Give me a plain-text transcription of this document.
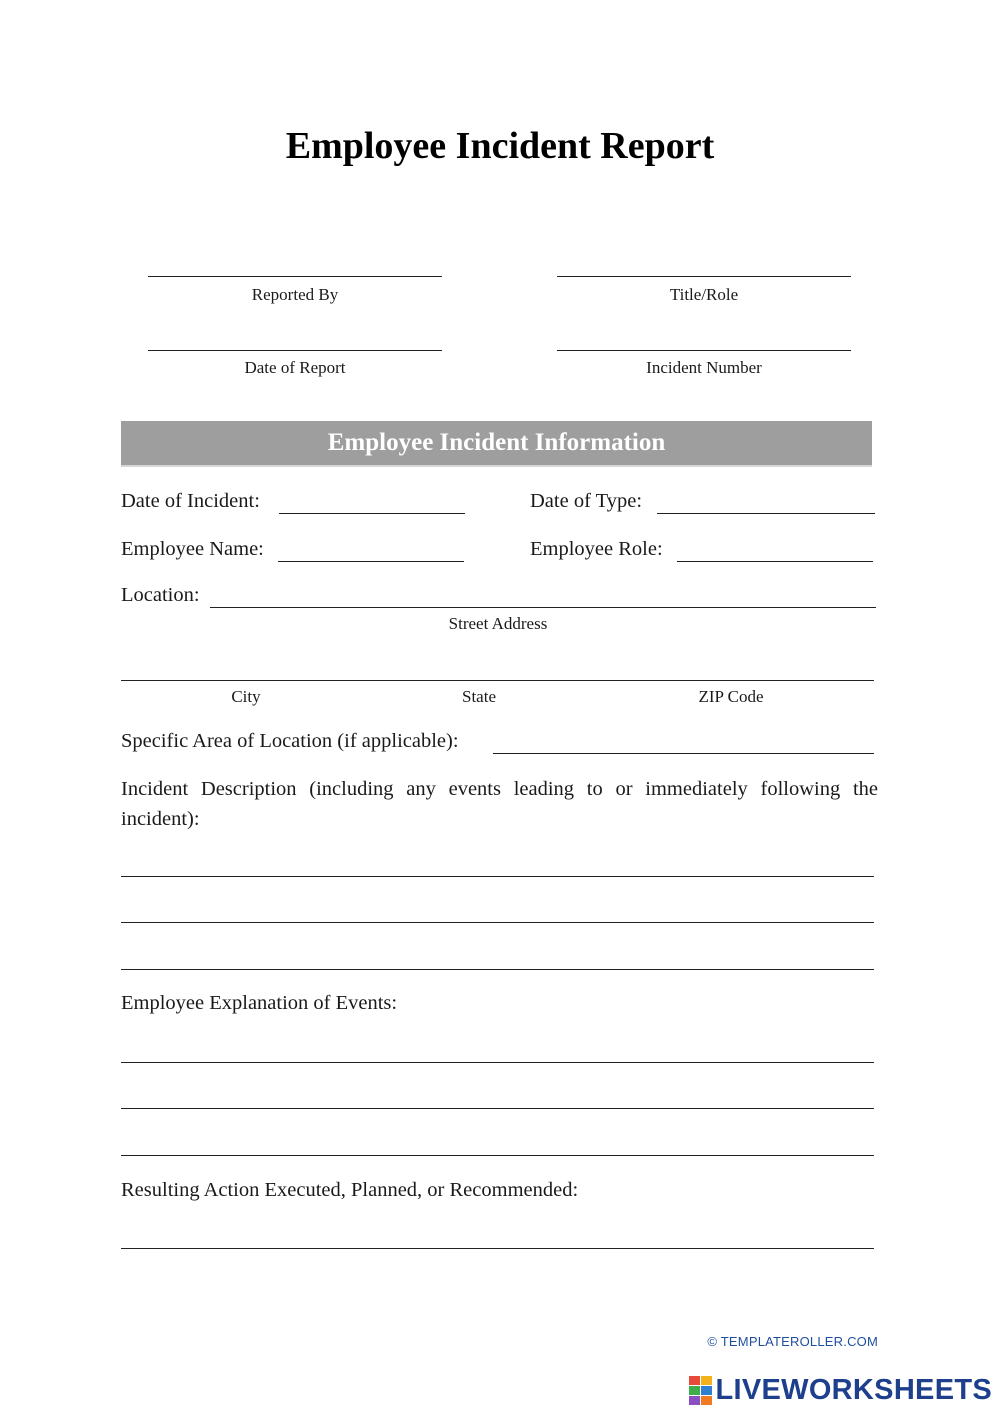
Employee Incident Report
Reported By	Title/Role
Date of Report	Incident Number
Employee Incident Information
Date of Incident:	Date of Type:
Employee Name:	Employee Role:
Location:
Street Address
City	State	ZIP Code
Specific Area of Location (if applicable):
Incident Description (including any events leading to or immediately following the incident):
Employee Explanation of Events:
Resulting Action Executed, Planned, or Recommended:
© TEMPLATEROLLER.COM
LIVEWORKSHEETS
